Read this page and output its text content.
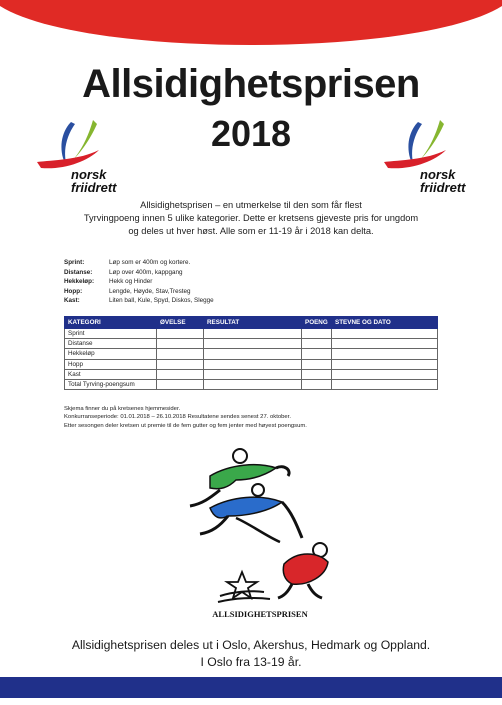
Allsidighetsprisen
2018
norsk
friidrett
norsk
friidrett
Allsidighetsprisen – en utmerkelse til den som får flest
Tyrvingpoeng innen 5 ulike kategorier. Dette er kretsens gjeveste pris for ungdom
og deles ut hver høst. Alle som er 11-19 år i 2018 kan delta.
Sprint:	Løp som er 400m og kortere.
Distanse:	Løp over 400m, kappgang
Hekkeløp:	Hekk og Hinder
Hopp:	Lengde, Høyde, Stav,Tresteg
Kast:	Liten ball, Kule, Spyd, Diskos, Slegge
KATEGORI	ØVELSE	RESULTAT	POENG	STEVNE OG DATO
Sprint				
Distanse				
Hekkeløp				
Hopp				
Kast				
Total Tyrving-poengsum				
Skjema finner du på kretsenes hjemmesider.
Konkurranseperiode: 01.01.2018 – 26.10.2018 Resultatene sendes senest 27. oktober.
Etter sesongen deler kretsen ut premie til de fem gutter og fem jenter med høyest poengsum.
ALLSIDIGHETSPRISEN
Allsidighetsprisen deles ut i Oslo, Akershus, Hedmark og Oppland.
I Oslo fra 13-19 år.
